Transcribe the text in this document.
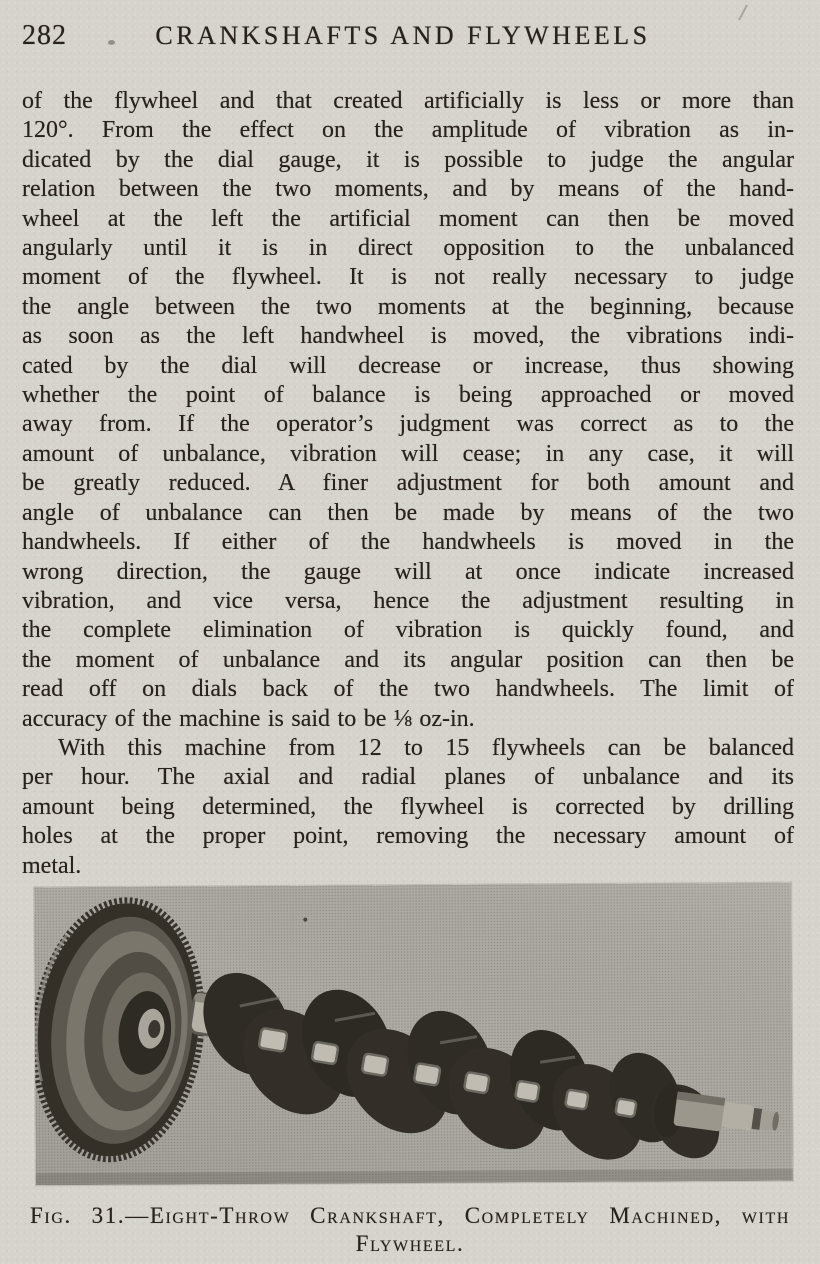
282	CRANKSHAFTS AND FLYWHEELS
of the flywheel and that created artificially is less or more than
120°. From the effect on the amplitude of vibration as in-
dicated by the dial gauge, it is possible to judge the angular
relation between the two moments, and by means of the hand-
wheel at the left the artificial moment can then be moved
angularly until it is in direct opposition to the unbalanced
moment of the flywheel. It is not really necessary to judge
the angle between the two moments at the beginning, because
as soon as the left handwheel is moved, the vibrations indi-
cated by the dial will decrease or increase, thus showing
whether the point of balance is being approached or moved
away from. If the operator’s judgment was correct as to the
amount of unbalance, vibration will cease; in any case, it will
be greatly reduced. A finer adjustment for both amount and
angle of unbalance can then be made by means of the two
handwheels. If either of the handwheels is moved in the
wrong direction, the gauge will at once indicate increased
vibration, and vice versa, hence the adjustment resulting in
the complete elimination of vibration is quickly found, and
the moment of unbalance and its angular position can then be
read off on dials back of the two handwheels. The limit of
accuracy of the machine is said to be ⅛ oz-in.
With this machine from 12 to 15 flywheels can be balanced
per hour. The axial and radial planes of unbalance and its
amount being determined, the flywheel is corrected by drilling
holes at the proper point, removing the necessary amount of
metal.
Fig. 31.—Eight-Throw Crankshaft, Completely Machined, with
Flywheel.
